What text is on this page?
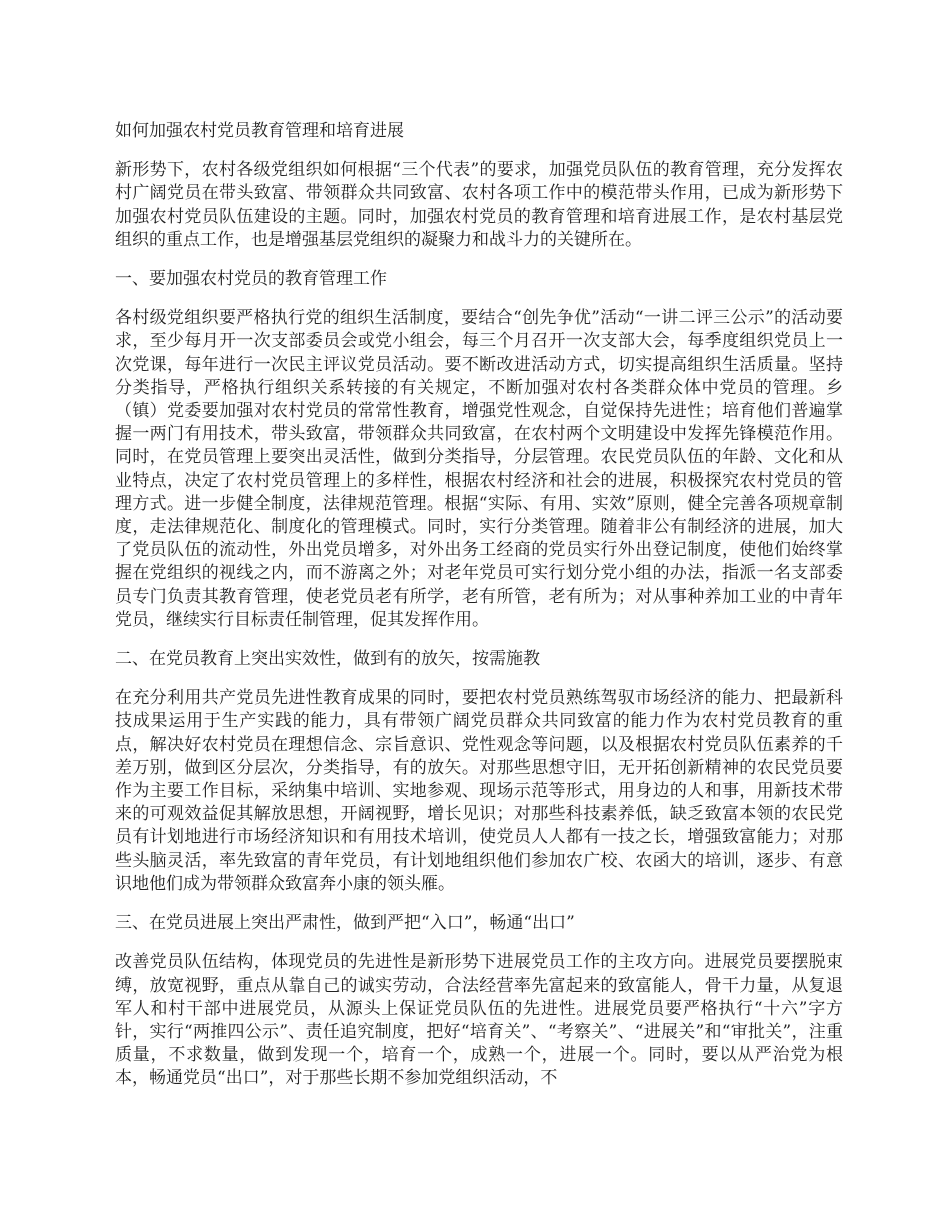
如何加强农村党员教育管理和培育进展

新形势下，农村各级党组织如何根据“三个代表”的要求，加强党员队伍的教育管理，充分发挥农村广阔党员在带头致富、带领群众共同致富、农村各项工作中的模范带头作用，已成为新形势下加强农村党员队伍建设的主题。同时，加强农村党员的教育管理和培育进展工作，是农村基层党组织的重点工作，也是增强基层党组织的凝聚力和战斗力的关键所在。

一、要加强农村党员的教育管理工作

各村级党组织要严格执行党的组织生活制度，要结合“创先争优”活动“一讲二评三公示”的活动要求，至少每月开一次支部委员会或党小组会，每三个月召开一次支部大会，每季度组织党员上一次党课，每年进行一次民主评议党员活动。要不断改进活动方式，切实提高组织生活质量。坚持分类指导，严格执行组织关系转接的有关规定，不断加强对农村各类群众体中党员的管理。乡（镇）党委要加强对农村党员的常常性教育，增强党性观念，自觉保持先进性；培育他们普遍掌握一两门有用技术，带头致富，带领群众共同致富，在农村两个文明建设中发挥先锋模范作用。同时，在党员管理上要突出灵活性，做到分类指导，分层管理。农民党员队伍的年龄、文化和从业特点，决定了农村党员管理上的多样性，根据农村经济和社会的进展，积极探究农村党员的管理方式。进一步健全制度，法律规范管理。根据“实际、有用、实效”原则，健全完善各项规章制度，走法律规范化、制度化的管理模式。同时，实行分类管理。随着非公有制经济的进展，加大了党员队伍的流动性，外出党员增多，对外出务工经商的党员实行外出登记制度，使他们始终掌握在党组织的视线之内，而不游离之外；对老年党员可实行划分党小组的办法，指派一名支部委员专门负责其教育管理，使老党员老有所学，老有所管，老有所为；对从事种养加工业的中青年党员，继续实行目标责任制管理，促其发挥作用。

二、在党员教育上突出实效性，做到有的放矢，按需施教

在充分利用共产党员先进性教育成果的同时，要把农村党员熟练驾驭市场经济的能力、把最新科技成果运用于生产实践的能力，具有带领广阔党员群众共同致富的能力作为农村党员教育的重点，解决好农村党员在理想信念、宗旨意识、党性观念等问题，以及根据农村党员队伍素养的千差万别，做到区分层次，分类指导，有的放矢。对那些思想守旧，无开拓创新精神的农民党员要作为主要工作目标，采纳集中培训、实地参观、现场示范等形式，用身边的人和事，用新技术带来的可观效益促其解放思想，开阔视野，增长见识；对那些科技素养低，缺乏致富本领的农民党员有计划地进行市场经济知识和有用技术培训，使党员人人都有一技之长，增强致富能力；对那些头脑灵活，率先致富的青年党员，有计划地组织他们参加农广校、农函大的培训，逐步、有意识地他们成为带领群众致富奔小康的领头雁。

三、在党员进展上突出严肃性，做到严把“入口”，畅通“出口”

改善党员队伍结构，体现党员的先进性是新形势下进展党员工作的主攻方向。进展党员要摆脱束缚，放宽视野，重点从靠自己的诚实劳动，合法经营率先富起来的致富能人，骨干力量，从复退军人和村干部中进展党员，从源头上保证党员队伍的先进性。进展党员要严格执行“十六”字方针，实行“两推四公示”、责任追究制度，把好“培育关”、“考察关”、“进展关”和“审批关”，注重质量，不求数量，做到发现一个，培育一个，成熟一个，进展一个。同时，要以从严治党为根本，畅通党员“出口”，对于那些长期不参加党组织活动，不
